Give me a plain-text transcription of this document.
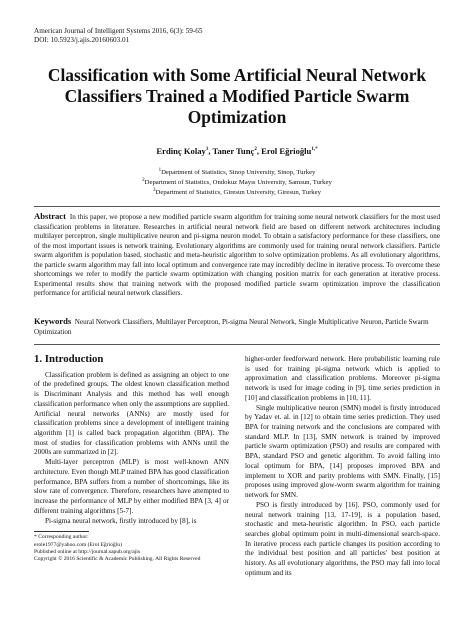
American Journal of Intelligent Systems 2016, 6(3): 59-65
DOI: 10.5923/j.ajis.20160603.01
Classification with Some Artificial Neural Network
Classifiers Trained a Modified Particle Swarm
Optimization
Erdinç Kolay$^1$, Taner Tunç$^2$, Erol Eğrioğlu$^{1,*}$
$^1$Department of Statistics, Sinop University, Sinop, Turkey
$^2$Department of Statistics, Ondokuz Mayıs University, Samsun, Turkey
$^3$Department of Statistics, Giresun University, Giresun, Turkey
Abstract In this paper, we propose a new modified particle swarm algorithm for training some neural network classifiers for the most used classification problems in literature. Researches in artificial neural network field are based on different network architectures including multilayer perceptron, single multiplicative neuron and pi-sigma neuron model. To obtain a satisfactory performance for these classifiers, one of the most important issues is network training. Evolutionary algorithms are commonly used for training neural network classifiers. Particle swarm algorithm is population based, stochastic and meta-heuristic algorithm to solve optimization problems. As all evolutionary algorithms, the particle swarm algorithm may fall into local optimum and convergence rate may incredibly decline in iterative process. To overcome these shortcomings we refer to modify the particle swarm optimization with changing position matrix for each generation at iterative process. Experimental results show that training network with the proposed modified particle swarm optimization improve the classification performance for artificial neural network classifiers.
Keywords Neural Network Classifiers, Multilayer Perceptron, Pi-sigma Neural Network, Single Multiplicative Neuron, Particle Swarm Optimization
1. Introduction

Classification problem is defined as assigning an object to one of the predefined groups. The oldest known classification method is Discriminant Analysis and this method has well enough classification performance when only the assumptions are supplied. Artificial neural networks (ANNs) are mostly used for classification problems since a development of intelligent training algorithm [1] is called back propagation algorithm (BPA). The most of studies for classification problems with ANNs until the 2000s are summarized in [2].

Multi-layer perceptron (MLP) is most well-known ANN architecture. Even though MLP trained BPA has good classification performance, BPA suffers from a number of shortcomings, like its slow rate of convergence. Therefore, researchers have attempted to increase the performance of MLP by either modified BPA [3, 4] or different training algorithms [5-7].

Pi-sigma neural network, firstly introduced by [8], is

* Corresponding author:
erole1977@yahoo.com (Erol Eğrioğlu)
Published online at http://journal.sapub.org/ajis
Copyright © 2016 Scientific & Academic Publishing. All Rights Reserved

higher-order feedforward network. Here probabilistic learning rule is used for training pi-sigma network which is applied to approximation and classification problems. Moreover pi-sigma network is used for image coding in [9], time series prediction in [10] and classification problems in [10, 11].

Single multiplicative neuron (SMN) model is firstly introduced by Yadav et. al. in [12] to obtain time series prediction. They used BPA for training network and the conclusions are compared with standard MLP. In [13], SMN network is trained by improved particle swarm optimization (PSO) and results are compared with BPA, standard PSO and genetic algorithm. To avoid falling into local optimum for BPA, [14] proposes improved BPA and implement to XOR and parity problems with SMN. Finally, [15] proposes using improved glow-worm swarm algorithm for training network for SMN.

PSO is firstly introduced by [16]. PSO, commonly used for neural network training [13, 17-19], is a population based, stochastic and meta-heuristic algorithm. In PSO, each particle searches global optimum point in multi-dimensional search-space. In iterative process each particle changes its position according to the individual best position and all particles' best position at history. As all evolutionary algorithms, the PSO may fall into local optimum and its
